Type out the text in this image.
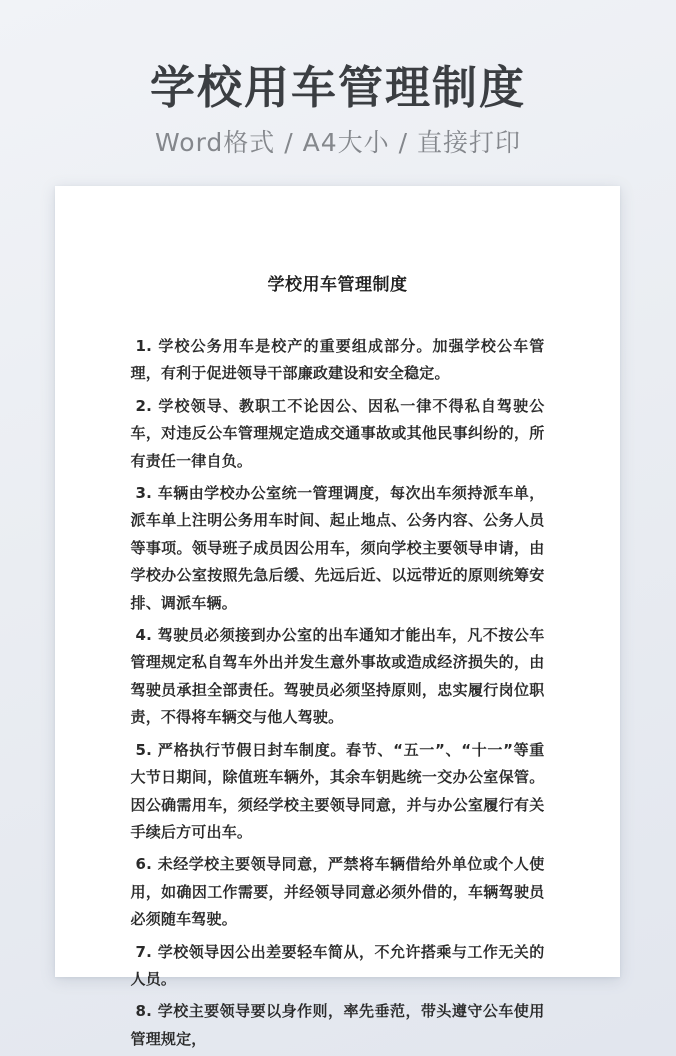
学校用车管理制度
Word格式 / A4大小 / 直接打印
学校用车管理制度

1. 学校公务用车是校产的重要组成部分。加强学校公车管理，有利于促进领导干部廉政建设和安全稳定。

2. 学校领导、教职工不论因公、因私一律不得私自驾驶公车，对违反公车管理规定造成交通事故或其他民事纠纷的，所有责任一律自负。

3. 车辆由学校办公室统一管理调度，每次出车须持派车单，派车单上注明公务用车时间、起止地点、公务内容、公务人员等事项。领导班子成员因公用车，须向学校主要领导申请，由学校办公室按照先急后缓、先远后近、以远带近的原则统筹安排、调派车辆。

4. 驾驶员必须接到办公室的出车通知才能出车，凡不按公车管理规定私自驾车外出并发生意外事故或造成经济损失的，由驾驶员承担全部责任。驾驶员必须坚持原则，忠实履行岗位职责，不得将车辆交与他人驾驶。

5. 严格执行节假日封车制度。春节、“五一”、“十一”等重大节日期间，除值班车辆外，其余车钥匙统一交办公室保管。因公确需用车，须经学校主要领导同意，并与办公室履行有关手续后方可出车。

6. 未经学校主要领导同意，严禁将车辆借给外单位或个人使用，如确因工作需要，并经领导同意必须外借的，车辆驾驶员必须随车驾驶。

7. 学校领导因公出差要轻车简从，不允许搭乘与工作无关的人员。

8. 学校主要领导要以身作则，率先垂范，带头遵守公车使用管理规定，
